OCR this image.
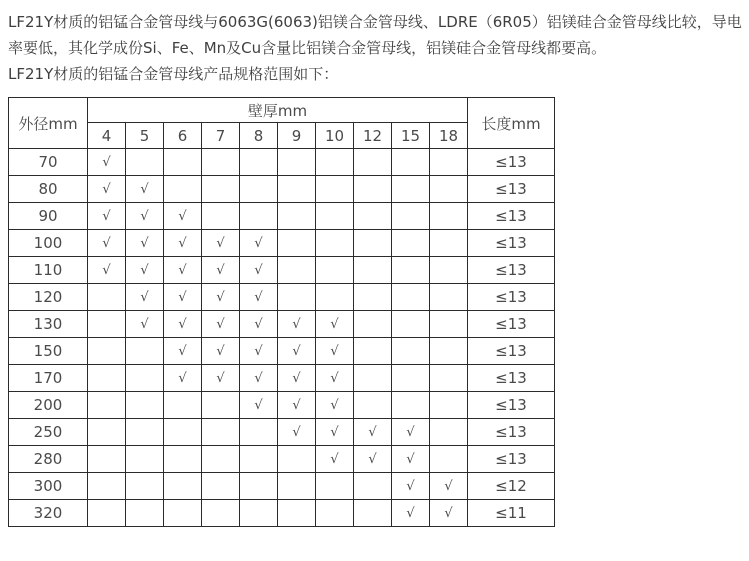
LF21Y材质的铝锰合金管母线与6063G(6063)铝镁合金管母线、LDRE（6R05）铝镁硅合金管母线比较，导电率要低，其化学成份Si、Fe、Mn及Cu含量比铝镁合金管母线，铝镁硅合金管母线都要高。

LF21Y材质的铝锰合金管母线产品规格范围如下：

外径mm	壁厚mm										长度mm
	4	5	6	7	8	9	10	12	15	18	
70	√										≤13
80	√	√									≤13
90	√	√	√								≤13
100	√	√	√	√	√						≤13
110	√	√	√	√	√						≤13
120		√	√	√	√						≤13
130		√	√	√	√	√	√				≤13
150			√	√	√	√	√				≤13
170			√	√	√	√	√				≤13
200					√	√	√				≤13
250						√	√	√	√		≤13
280							√	√	√		≤13
300									√	√	≤12
320									√	√	≤11
